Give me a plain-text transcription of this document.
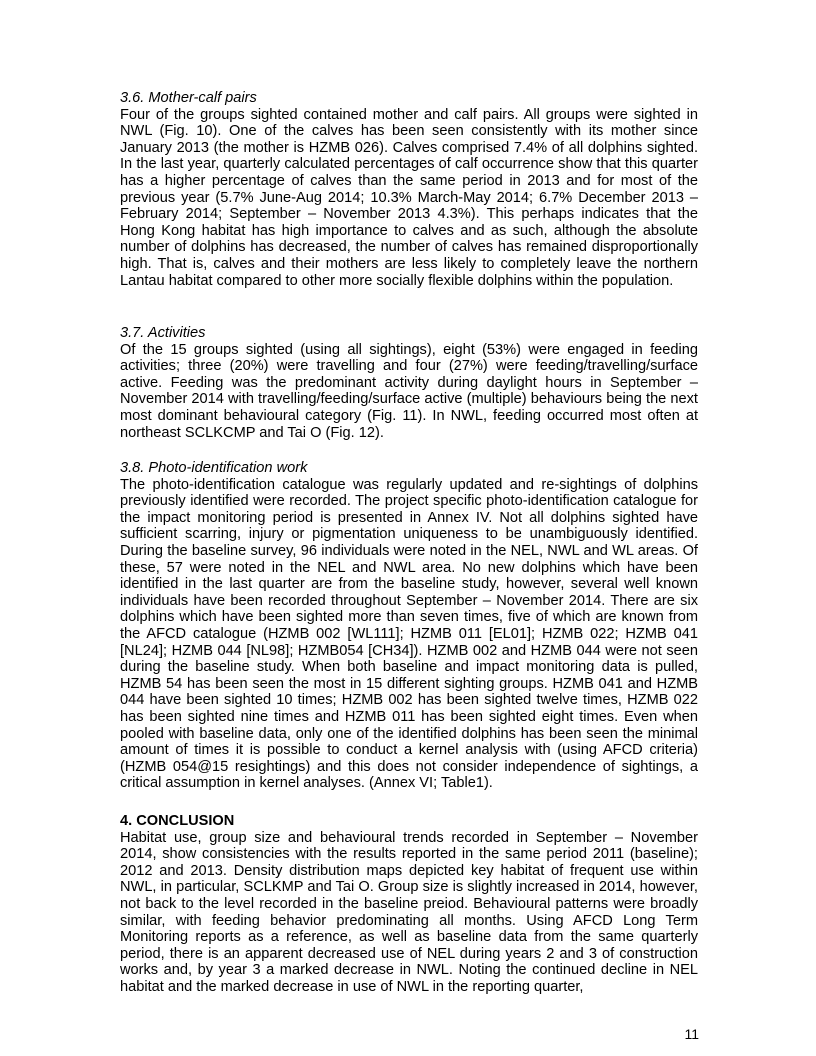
3.6. Mother-calf pairs

Four of the groups sighted contained mother and calf pairs. All groups were sighted in NWL (Fig. 10). One of the calves has been seen consistently with its mother since January 2013 (the mother is HZMB 026). Calves comprised 7.4% of all dolphins sighted. In the last year, quarterly calculated percentages of calf occurrence show that this quarter has a higher percentage of calves than the same period in 2013 and for most of the previous year (5.7% June-Aug 2014; 10.3% March-May 2014; 6.7% December 2013 – February 2014; September – November 2013 4.3%). This perhaps indicates that the Hong Kong habitat has high importance to calves and as such, although the absolute number of dolphins has decreased, the number of calves has remained disproportionally high. That is, calves and their mothers are less likely to completely leave the northern Lantau habitat compared to other more socially flexible dolphins within the population.

3.7. Activities

Of the 15 groups sighted (using all sightings), eight (53%) were engaged in feeding activities; three (20%) were travelling and four (27%) were feeding/travelling/surface active. Feeding was the predominant activity during daylight hours in September – November 2014 with travelling/feeding/surface active (multiple) behaviours being the next most dominant behavioural category (Fig. 11). In NWL, feeding occurred most often at northeast SCLKCMP and Tai O (Fig. 12).

3.8. Photo-identification work

The photo-identification catalogue was regularly updated and re-sightings of dolphins previously identified were recorded. The project specific photo-identification catalogue for the impact monitoring period is presented in Annex IV. Not all dolphins sighted have sufficient scarring, injury or pigmentation uniqueness to be unambiguously identified. During the baseline survey, 96 individuals were noted in the NEL, NWL and WL areas. Of these, 57 were noted in the NEL and NWL area. No new dolphins which have been identified in the last quarter are from the baseline study, however, several well known individuals have been recorded throughout September – November 2014. There are six dolphins which have been sighted more than seven times, five of which are known from the AFCD catalogue (HZMB 002 [WL111]; HZMB 011 [EL01]; HZMB 022; HZMB 041 [NL24]; HZMB 044 [NL98]; HZMB054 [CH34]). HZMB 002 and HZMB 044 were not seen during the baseline study. When both baseline and impact monitoring data is pulled, HZMB 54 has been seen the most in 15 different sighting groups. HZMB 041 and HZMB 044 have been sighted 10 times; HZMB 002 has been sighted twelve times, HZMB 022 has been sighted nine times and HZMB 011 has been sighted eight times. Even when pooled with baseline data, only one of the identified dolphins has been seen the minimal amount of times it is possible to conduct a kernel analysis with (using AFCD criteria) (HZMB 054@15 resightings) and this does not consider independence of sightings, a critical assumption in kernel analyses. (Annex VI; Table1).

4. CONCLUSION

Habitat use, group size and behavioural trends recorded in September – November 2014, show consistencies with the results reported in the same period 2011 (baseline); 2012 and 2013. Density distribution maps depicted key habitat of frequent use within NWL, in particular, SCLKMP and Tai O. Group size is slightly increased in 2014, however, not back to the level recorded in the baseline preiod. Behavioural patterns were broadly similar, with feeding behavior predominating all months. Using AFCD Long Term Monitoring reports as a reference, as well as baseline data from the same quarterly period, there is an apparent decreased use of NEL during years 2 and 3 of construction works and, by year 3 a marked decrease in NWL. Noting the continued decline in NEL habitat and the marked decrease in use of NWL in the reporting quarter,

11
